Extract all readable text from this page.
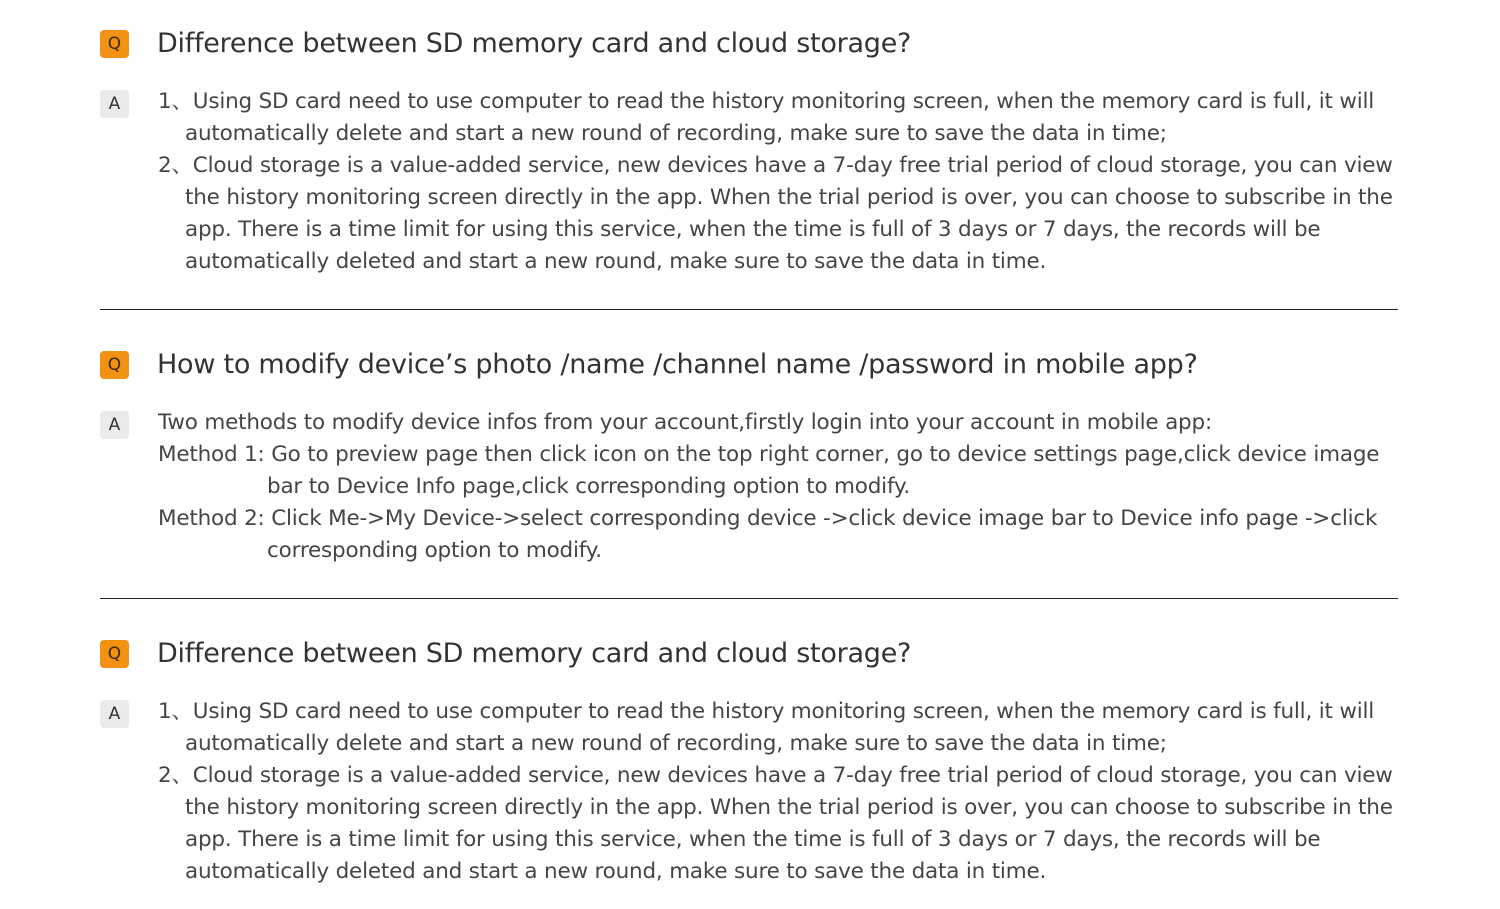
Q Difference between SD memory card and cloud storage?
A	1、Using SD card need to use computer to read the history monitoring screen, when the memory card is full, it will
automatically delete and start a new round of recording, make sure to save the data in time;

2、Cloud storage is a value-added service, new devices have a 7-day free trial period of cloud storage, you can view
the history monitoring screen directly in the app. When the trial period is over, you can choose to subscribe in the
app. There is a time limit for using this service, when the time is full of 3 days or 7 days, the records will be
automatically deleted and start a new round, make sure to save the data in time.

Q How to modify device’s photo /name /channel name /password in mobile app?
A	Two methods to modify device infos from your account,firstly login into your account in mobile app:

Method 1: Go to preview page then click icon on the top right corner, go to device settings page,click device image
bar to Device Info page,click corresponding option to modify.

Method 2: Click Me->My Device->select corresponding device ->click device image bar to Device info page ->click
corresponding option to modify.

Q Difference between SD memory card and cloud storage?
A	1、Using SD card need to use computer to read the history monitoring screen, when the memory card is full, it will
automatically delete and start a new round of recording, make sure to save the data in time;

2、Cloud storage is a value-added service, new devices have a 7-day free trial period of cloud storage, you can view
the history monitoring screen directly in the app. When the trial period is over, you can choose to subscribe in the
app. There is a time limit for using this service, when the time is full of 3 days or 7 days, the records will be
automatically deleted and start a new round, make sure to save the data in time.
